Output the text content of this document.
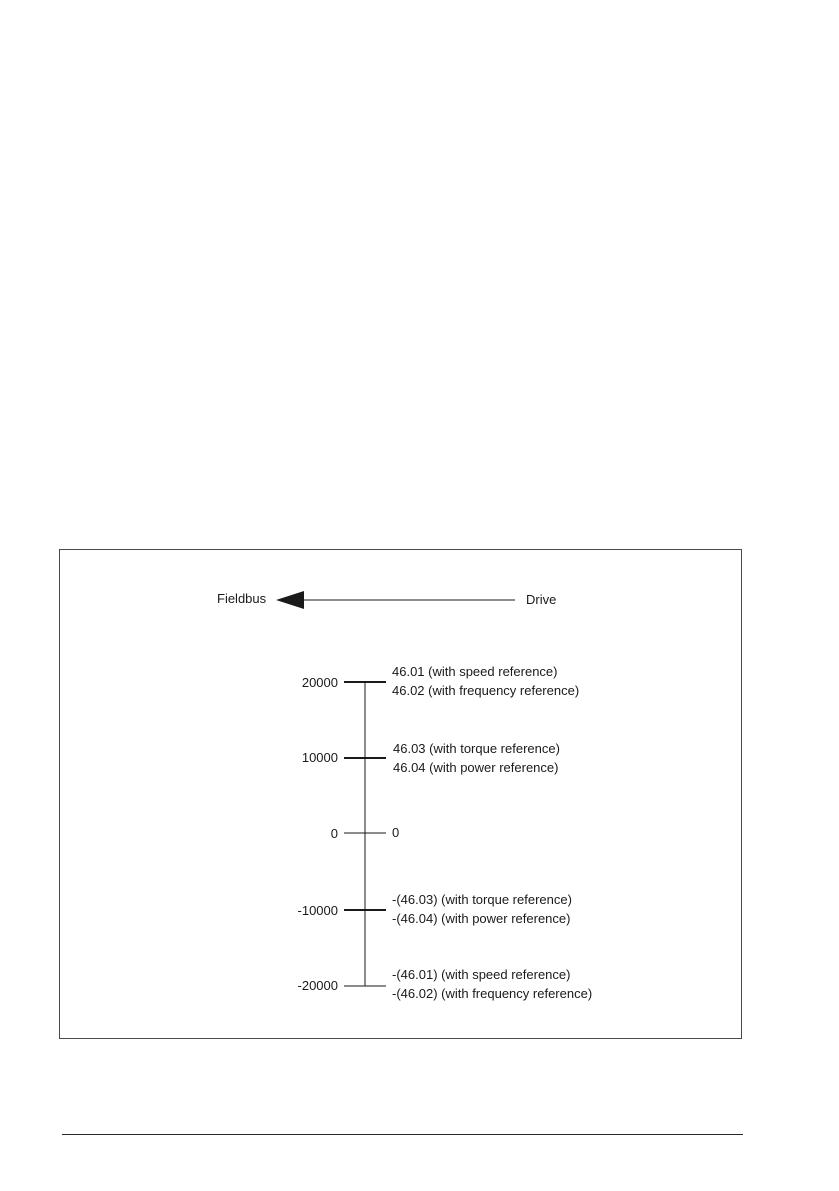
Fieldbus	Drive
20000
10000
0
-10000
-20000
46.01 (with speed reference)
46.02 (with frequency reference)
46.03 (with torque reference)
46.04 (with power reference)
0
-(46.03) (with torque reference)
-(46.04) (with power reference)
-(46.01) (with speed reference)
-(46.02) (with frequency reference)
